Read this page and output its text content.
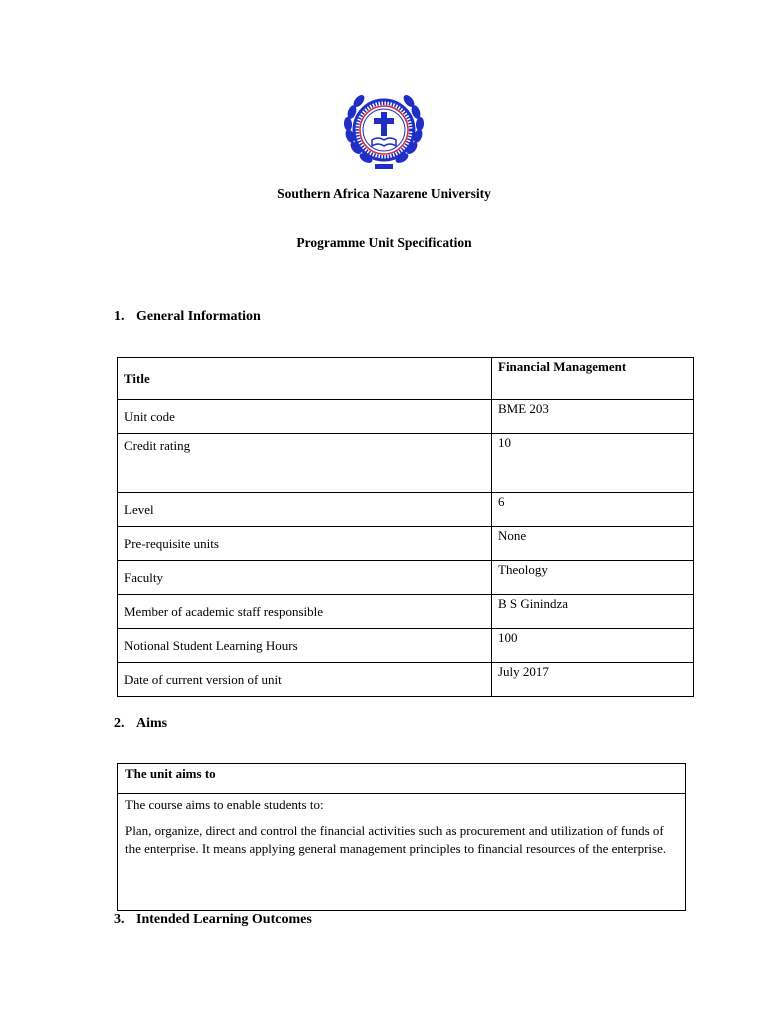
Southern Africa Nazarene University
Programme Unit Specification
1. General Information
Title	Financial Management
Unit code	BME 203
Credit rating	10
Level	6
Pre-requisite units	None
Faculty	Theology
Member of academic staff responsible	B S Ginindza
Notional Student Learning Hours	100
Date of current version of unit	July 2017
2. Aims
The unit aims to

The course aims to enable students to:

Plan, organize, direct and control the financial activities such as procurement and utilization of funds of the enterprise. It means applying general management principles to financial resources of the enterprise.

3. Intended Learning Outcomes
